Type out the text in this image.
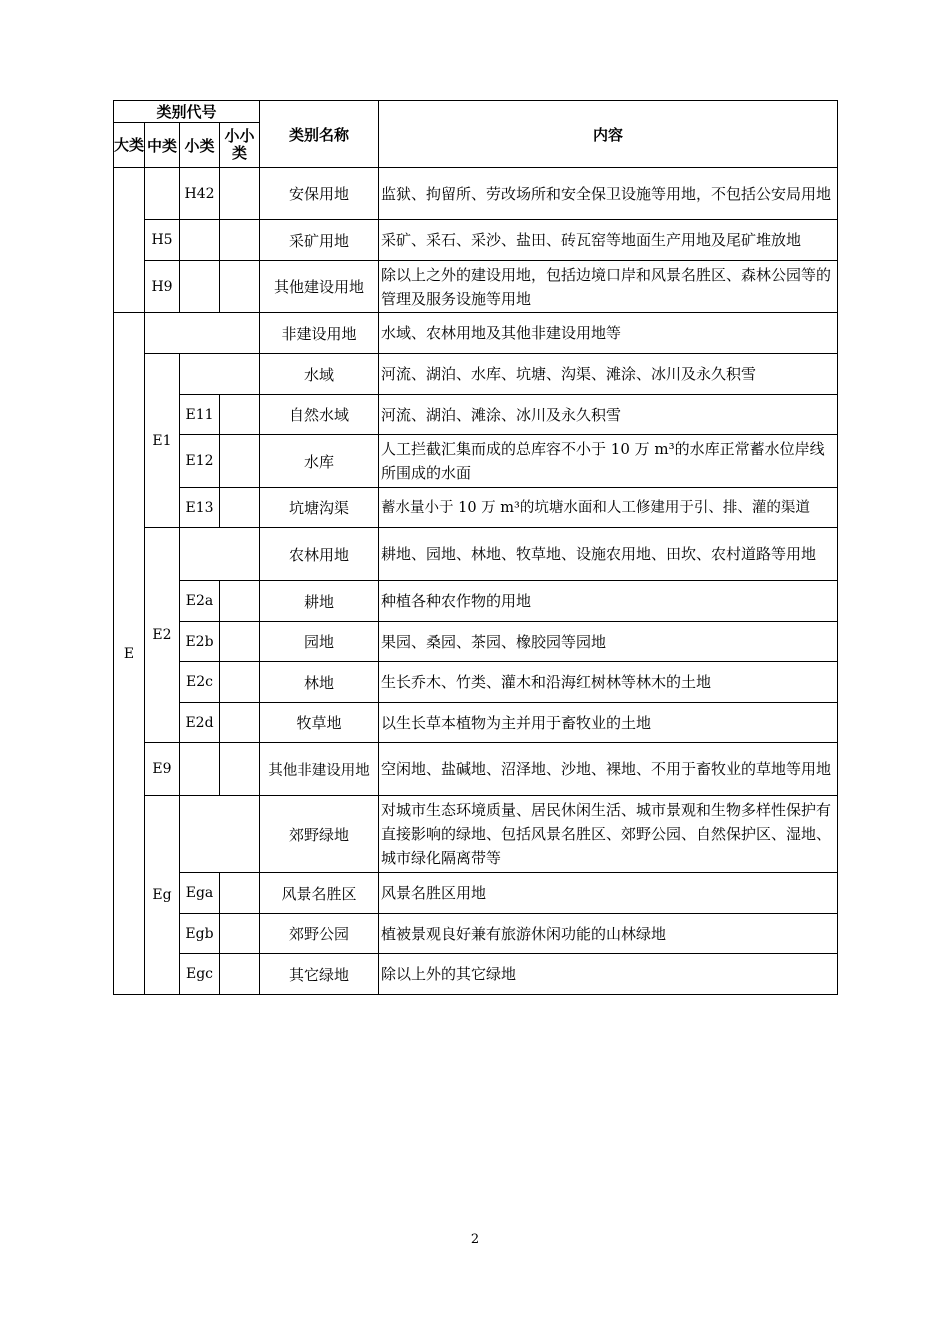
类别代号				类别名称	内容
大类	中类	小类	小小类		
		H42		安保用地	监狱、拘留所、劳改场所和安全保卫设施等用地，不包括公安局用地
	H5			采矿用地	采矿、采石、采沙、盐田、砖瓦窑等地面生产用地及尾矿堆放地
	H9			其他建设用地	除以上之外的建设用地，包括边境口岸和风景名胜区、森林公园等的管理及服务设施等用地
E				非建设用地	水域、农林用地及其他非建设用地等
	E1			水域	河流、湖泊、水库、坑塘、沟渠、滩涂、冰川及永久积雪
		E11		自然水域	河流、湖泊、滩涂、冰川及永久积雪
		E12		水库	人工拦截汇集而成的总库容不小于 10 万 m³的水库正常蓄水位岸线所围成的水面
		E13		坑塘沟渠	蓄水量小于 10 万 m³的坑塘水面和人工修建用于引、排、灌的渠道
	E2			农林用地	耕地、园地、林地、牧草地、设施农用地、田坎、农村道路等用地
		E2a		耕地	种植各种农作物的用地
		E2b		园地	果园、桑园、茶园、橡胶园等园地
		E2c		林地	生长乔木、竹类、灌木和沿海红树林等林木的土地
		E2d		牧草地	以生长草本植物为主并用于畜牧业的土地
	E9			其他非建设用地	空闲地、盐碱地、沼泽地、沙地、裸地、不用于畜牧业的草地等用地
	Eg			郊野绿地	对城市生态环境质量、居民休闲生活、城市景观和生物多样性保护有直接影响的绿地、包括风景名胜区、郊野公园、自然保护区、湿地、城市绿化隔离带等
		Ega		风景名胜区	风景名胜区用地
		Egb		郊野公园	植被景观良好兼有旅游休闲功能的山林绿地
		Egc		其它绿地	除以上外的其它绿地
2
